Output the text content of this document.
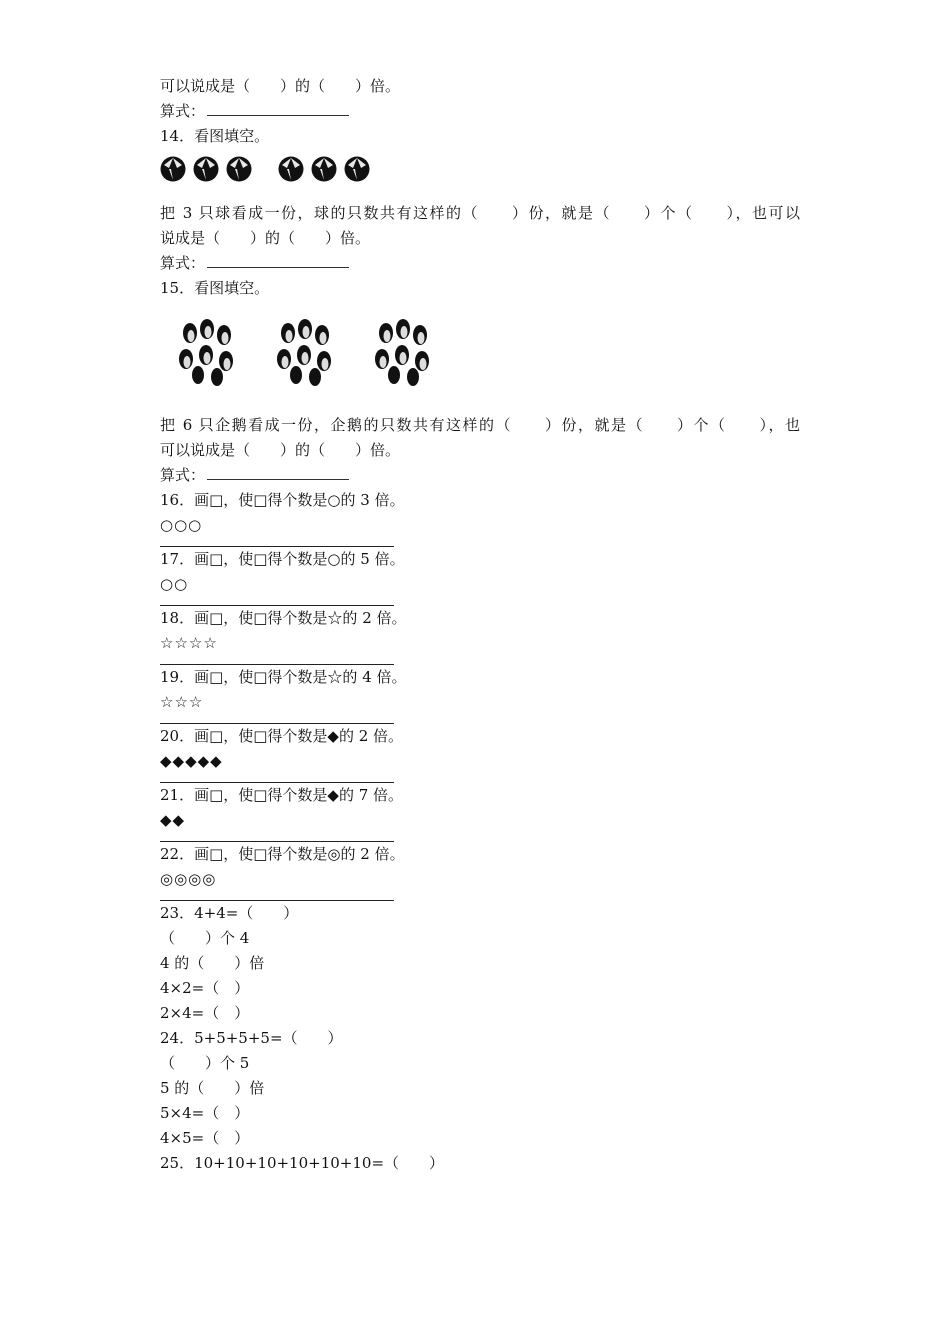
可以说成是（　　）的（　　）倍。
算式：
14．看图填空。
把 3 只球看成一份，球的只数共有这样的（　　）份，就是（　　）个（　　），也可以
说成是（　　）的（　　）倍。
算式：
15．看图填空。
把 6 只企鹅看成一份，企鹅的只数共有这样的（　　）份，就是（　　）个（　　），也
可以说成是（　　）的（　　）倍。
算式：
16．画□，使□得个数是○的 3 倍。
○○○
17．画□，使□得个数是○的 5 倍。
○○
18．画□，使□得个数是☆的 2 倍。
☆☆☆☆
19．画□，使□得个数是☆的 4 倍。
☆☆☆
20．画□，使□得个数是◆的 2 倍。
◆◆◆◆◆
21．画□，使□得个数是◆的 7 倍。
◆◆
22．画□，使□得个数是◎的 2 倍。
◎◎◎◎
23．4+4=（　　）
（　　）个 4
4 的（　　）倍
4×2=（　）
2×4=（　）
24．5+5+5+5=（　　）
（　　）个 5
5 的（　　）倍
5×4=（　）
4×5=（　）
25．10+10+10+10+10+10=（　　）
